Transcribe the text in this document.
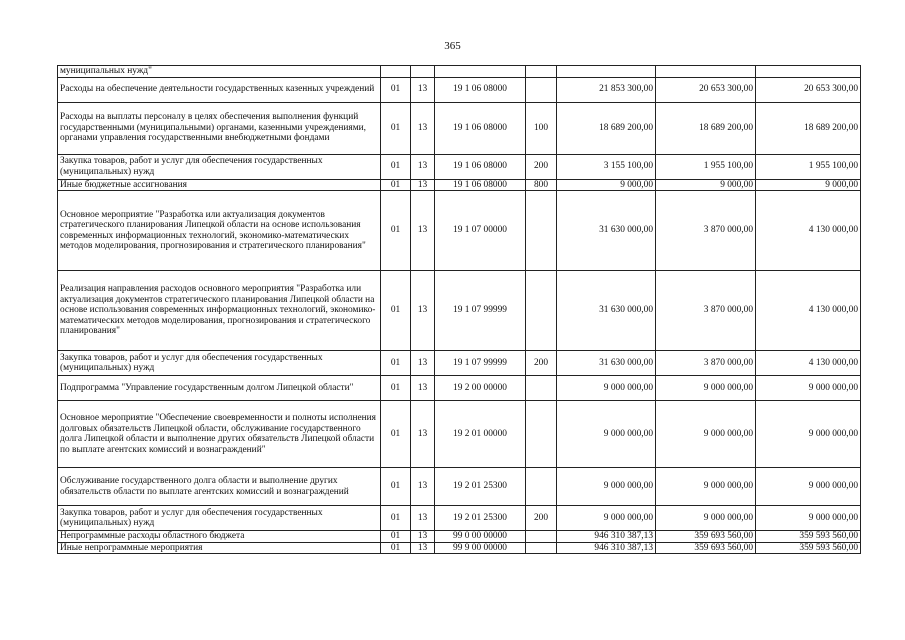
365
муниципальных нужд"							
Расходы на обеспечение деятельности государственных казенных учреждений	01	13	19 1 06 08000		21 853 300,00	20 653 300,00	20 653 300,00
Расходы на выплаты персоналу в целях обеспечения выполнения функций государственными (муниципальными) органами, казенными учреждениями, органами управления государственными внебюджетными фондами	01	13	19 1 06 08000	100	18 689 200,00	18 689 200,00	18 689 200,00
Закупка товаров, работ и услуг для обеспечения государственных (муниципальных) нужд	01	13	19 1 06 08000	200	3 155 100,00	1 955 100,00	1 955 100,00
Иные бюджетные ассигнования	01	13	19 1 06 08000	800	9 000,00	9 000,00	9 000,00
Основное мероприятие "Разработка или актуализация документов стратегического планирования Липецкой области на основе использования современных информационных технологий, экономико-математических методов моделирования, прогнозирования и стратегического планирования"	01	13	19 1 07 00000		31 630 000,00	3 870 000,00	4 130 000,00
Реализация направления расходов основного мероприятия "Разработка или актуализация документов стратегического планирования Липецкой области на основе использования современных информационных технологий, экономико-математических методов моделирования, прогнозирования и стратегического планирования"	01	13	19 1 07 99999		31 630 000,00	3 870 000,00	4 130 000,00
Закупка товаров, работ и услуг для обеспечения государственных (муниципальных) нужд	01	13	19 1 07 99999	200	31 630 000,00	3 870 000,00	4 130 000,00
Подпрограмма "Управление государственным долгом Липецкой области"	01	13	19 2 00 00000		9 000 000,00	9 000 000,00	9 000 000,00
Основное мероприятие "Обеспечение своевременности и полноты исполнения долговых обязательств Липецкой области, обслуживание государственного долга Липецкой области и выполнение других обязательств Липецкой области по выплате агентских комиссий и вознаграждений"	01	13	19 2 01 00000		9 000 000,00	9 000 000,00	9 000 000,00
Обслуживание государственного долга области и выполнение других обязательств области по выплате агентских комиссий и вознаграждений	01	13	19 2 01 25300		9 000 000,00	9 000 000,00	9 000 000,00
Закупка товаров, работ и услуг для обеспечения государственных (муниципальных) нужд	01	13	19 2 01 25300	200	9 000 000,00	9 000 000,00	9 000 000,00
Непрограммные расходы областного бюджета	01	13	99 0 00 00000		946 310 387,13	359 693 560,00	359 593 560,00
Иные непрограммные мероприятия	01	13	99 9 00 00000		946 310 387,13	359 693 560,00	359 593 560,00
